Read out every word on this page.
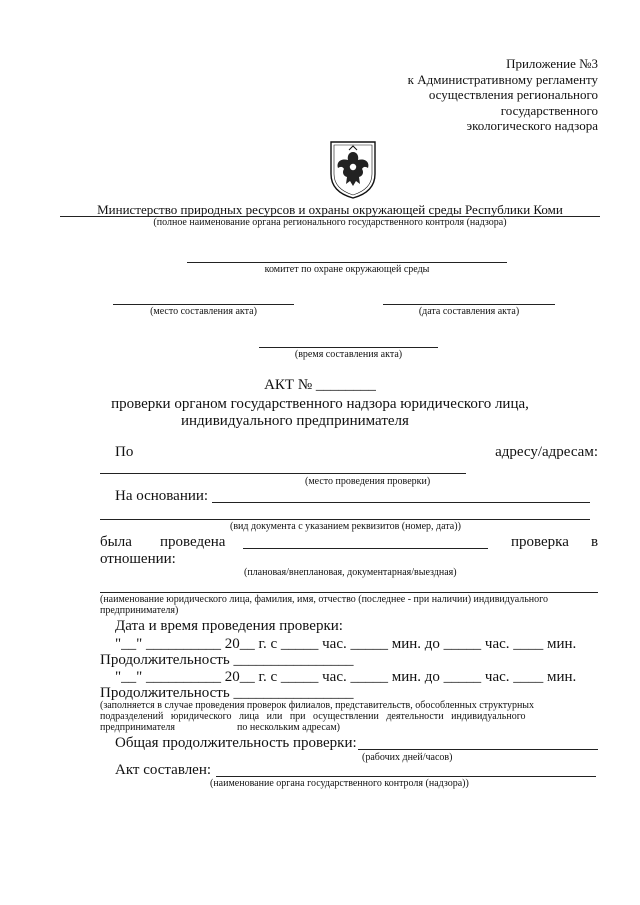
Приложение №3
к Административному регламенту
осуществления регионального
государственного
экологического надзора
Министерство природных ресурсов и охраны окружающей среды Республики Коми
(полное наименование органа регионального государственного контроля (надзора)
комитет по охране окружающей среды
(место составления акта)	(дата составления акта)
(время составления акта)
АКТ № ________
проверки органом государственного надзора юридического лица,
индивидуального предпринимателя
По	адресу/адресам:
(место проведения проверки)
На основании:
(вид документа с указанием реквизитов (номер, дата))
была проведена	проверка в
отношении:
(плановая/внеплановая, документарная/выездная)
(наименование юридического лица, фамилия, имя, отчество (последнее - при наличии) индивидуального
предпринимателя)
Дата и время проведения проверки:
"__" __________ 20__ г. с _____ час. _____ мин. до _____ час. ____ мин.
Продолжительность ________________
"__" __________ 20__ г. с _____ час. _____ мин. до _____ час. ____ мин.
Продолжительность ________________
(заполняется в случае проведения проверок филиалов, представительств, обособленных структурных
подразделений юридического лица или при осуществлении деятельности индивидуального
предпринимателя	по нескольким адресам)
Общая продолжительность проверки:
(рабочих дней/часов)
Акт составлен:
(наименование органа государственного контроля (надзора))
